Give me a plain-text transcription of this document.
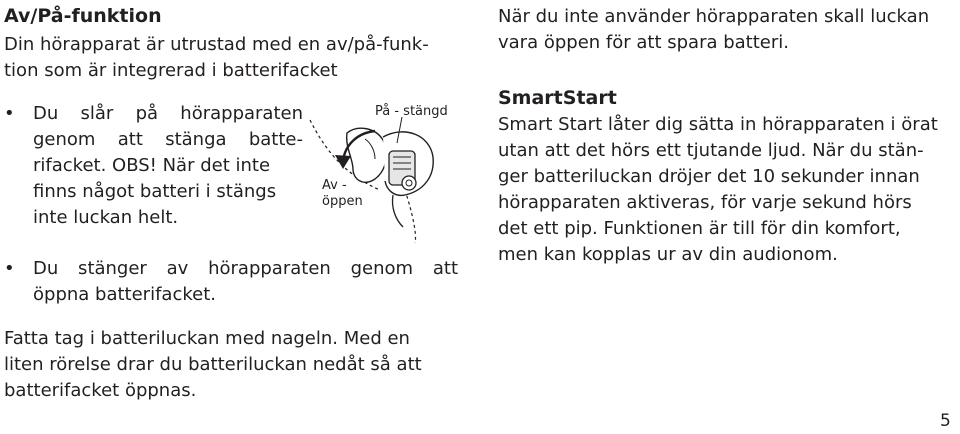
Av/På-funktion
Din hörapparat är utrustad med en av/på-funk-
tion som är integrerad i batterifacket
• Du slår på hörapparaten
genom att stänga batte-
rifacket. OBS! När det inte
finns något batteri i stängs
inte luckan helt.
• Du stänger av hörapparaten genom att
öppna batterifacket.
Fatta tag i batteriluckan med nageln. Med en
liten rörelse drar du batteriluckan nedåt så att
batterifacket öppnas.
På - stängd
Av -
öppen
När du inte använder hörapparaten skall luckan
vara öppen för att spara batteri.
SmartStart
Smart Start låter dig sätta in hörapparaten i örat
utan att det hörs ett tjutande ljud. När du stän-
ger batteriluckan dröjer det 10 sekunder innan
hörapparaten aktiveras, för varje sekund hörs
det ett pip. Funktionen är till för din komfort,
men kan kopplas ur av din audionom.
5
